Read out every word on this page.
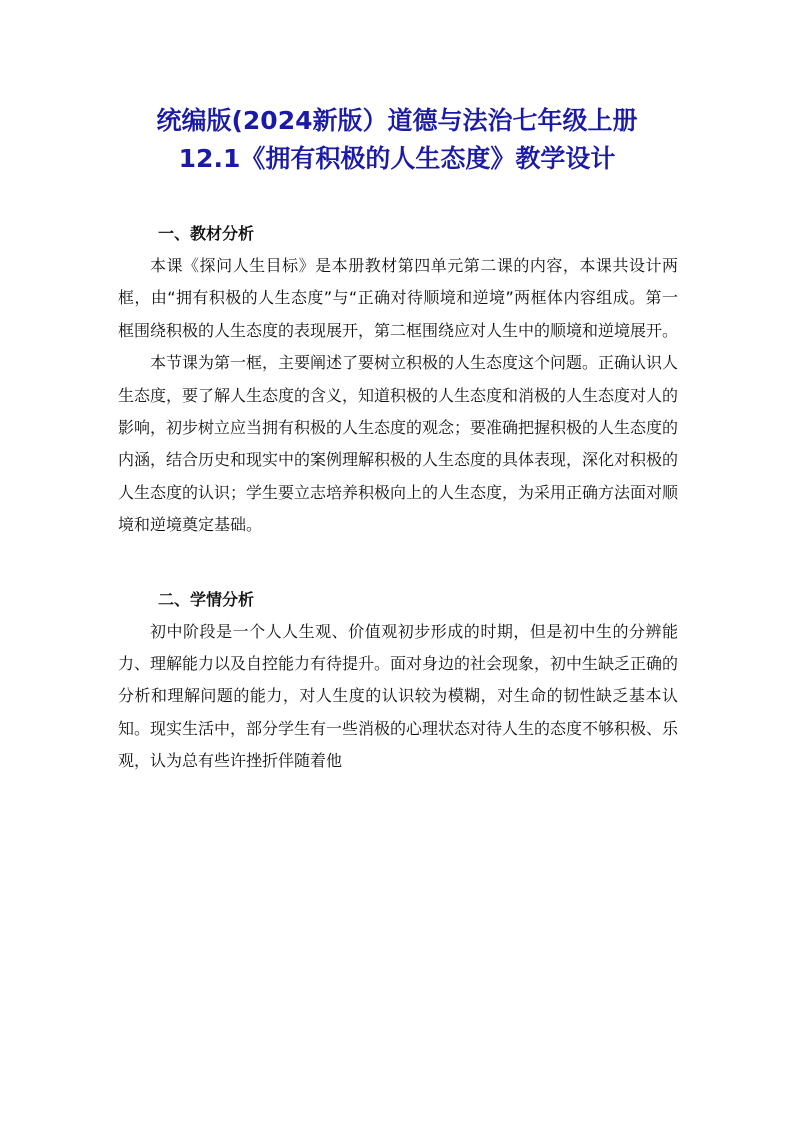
统编版(2024新版）道德与法治七年级上册

12.1《拥有积极的人生态度》教学设计

一、教材分析

本课《探问人生目标》是本册教材第四单元第二课的内容，本课共设计两框，由“拥有积极的人生态度”与“正确对待顺境和逆境”两框体内容组成。第一框围绕积极的人生态度的表现展开，第二框围绕应对人生中的顺境和逆境展开。

本节课为第一框，主要阐述了要树立积极的人生态度这个问题。正确认识人生态度，要了解人生态度的含义，知道积极的人生态度和消极的人生态度对人的影响，初步树立应当拥有积极的人生态度的观念；要准确把握积极的人生态度的内涵，结合历史和现实中的案例理解积极的人生态度的具体表现，深化对积极的人生态度的认识；学生要立志培养积极向上的人生态度，为采用正确方法面对顺境和逆境奠定基础。

二、学情分析

初中阶段是一个人人生观、价值观初步形成的时期，但是初中生的分辨能力、理解能力以及自控能力有待提升。面对身边的社会现象，初中生缺乏正确的分析和理解问题的能力，对人生度的认识较为模糊，对生命的韧性缺乏基本认知。现实生活中，部分学生有一些消极的心理状态对待人生的态度不够积极、乐观，认为总有些许挫折伴随着他
